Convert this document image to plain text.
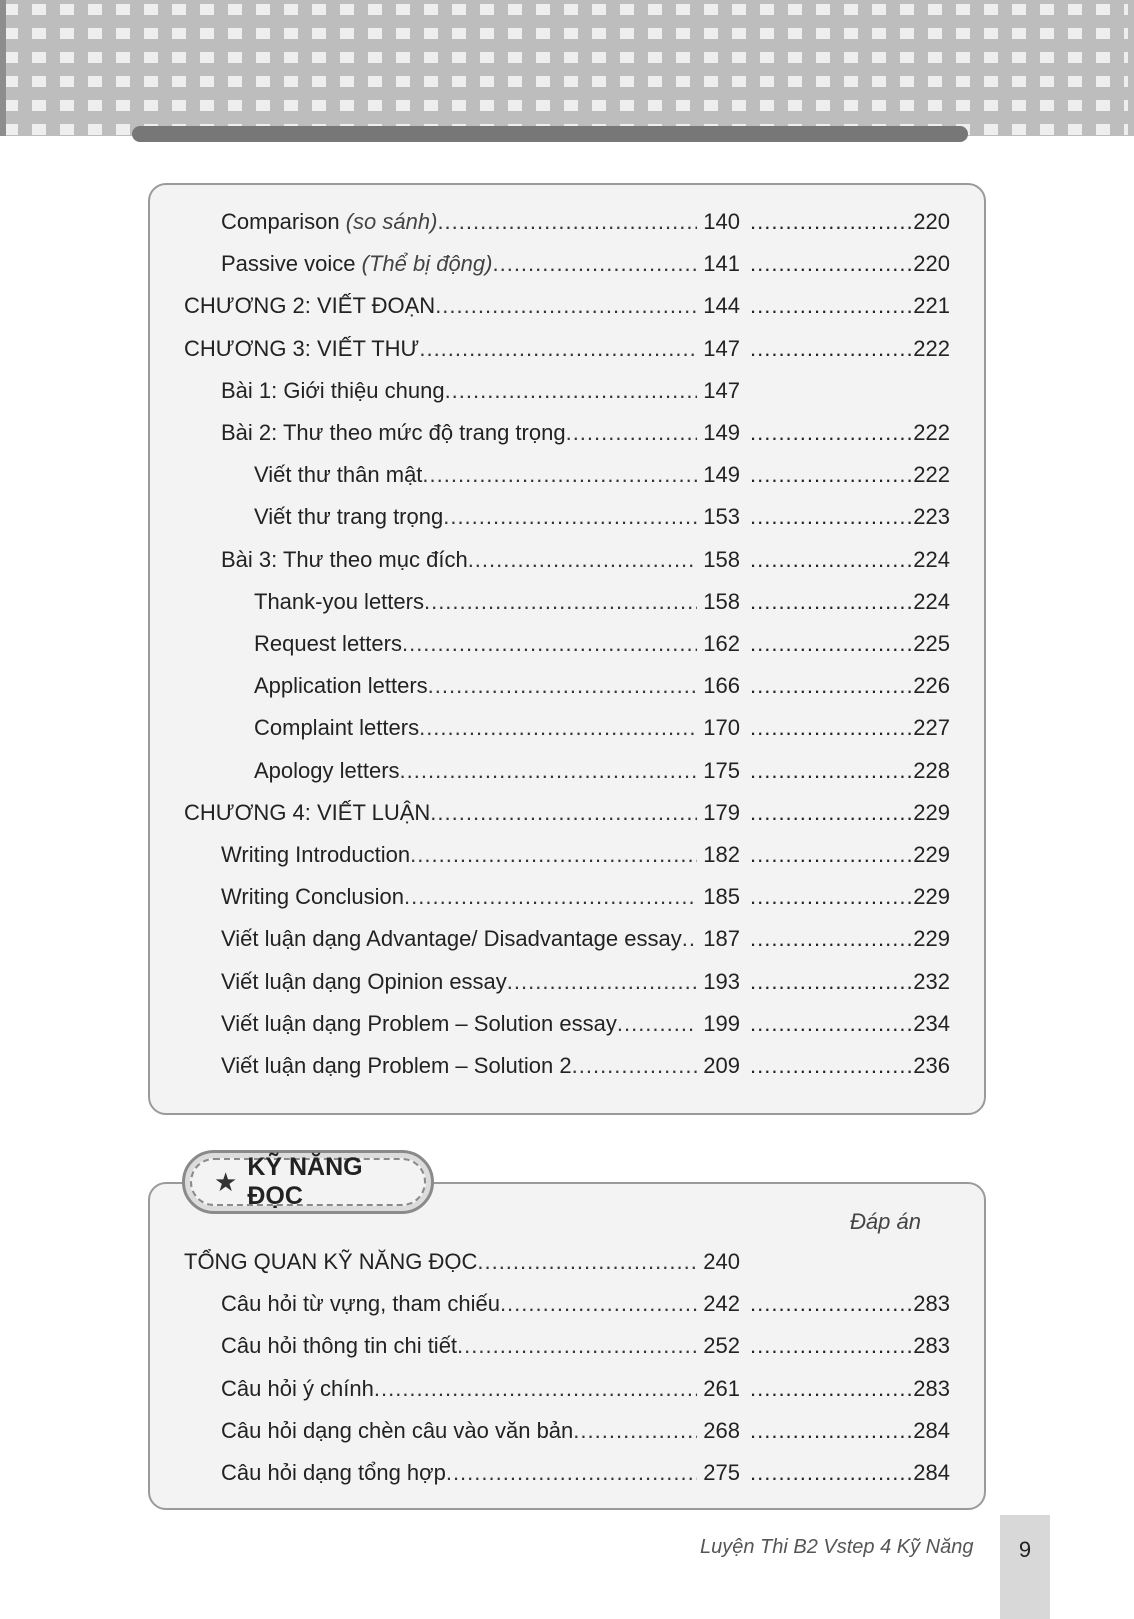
Comparison (so sánh) .....	140 .....	220
Passive voice (Thể bị động) .....	141 .....	220
CHƯƠNG 2: VIẾT ĐOẠN .....	144 .....	221
CHƯƠNG 3: VIẾT THƯ .....	147 .....	222
Bài 1: Giới thiệu chung .....	147
Bài 2: Thư theo mức độ trang trọng .....	149 .....	222
Viết thư thân mật .....	149 .....	222
Viết thư trang trọng .....	153 .....	223
Bài 3: Thư theo mục đích .....	158 .....	224
Thank-you letters .....	158 .....	224
Request letters .....	162 .....	225
Application letters .....	166 .....	226
Complaint letters .....	170 .....	227
Apology letters .....	175 .....	228
CHƯƠNG 4: VIẾT LUẬN .....	179 .....	229
Writing Introduction .....	182 .....	229
Writing Conclusion .....	185 .....	229
Viết luận dạng Advantage/ Disadvantage essay ..... 187 .....	229
Viết luận dạng Opinion essay .....	193 .....	232
Viết luận dạng Problem – Solution essay .....	199 .....	234
Viết luận dạng Problem – Solution 2 .....	209 .....	236
★ KỸ NĂNG ĐỌC
Đáp án
TỔNG QUAN KỸ NĂNG ĐỌC .....	240
Câu hỏi từ vựng, tham chiếu .....	242 .....	283
Câu hỏi thông tin chi tiết .....	252 .....	283
Câu hỏi ý chính .....	261 .....	283
Câu hỏi dạng chèn câu vào văn bản .....	268 .....	284
Câu hỏi dạng tổng hợp .....	275 .....	284
Luyện Thi B2 Vstep 4 Kỹ Năng	9
